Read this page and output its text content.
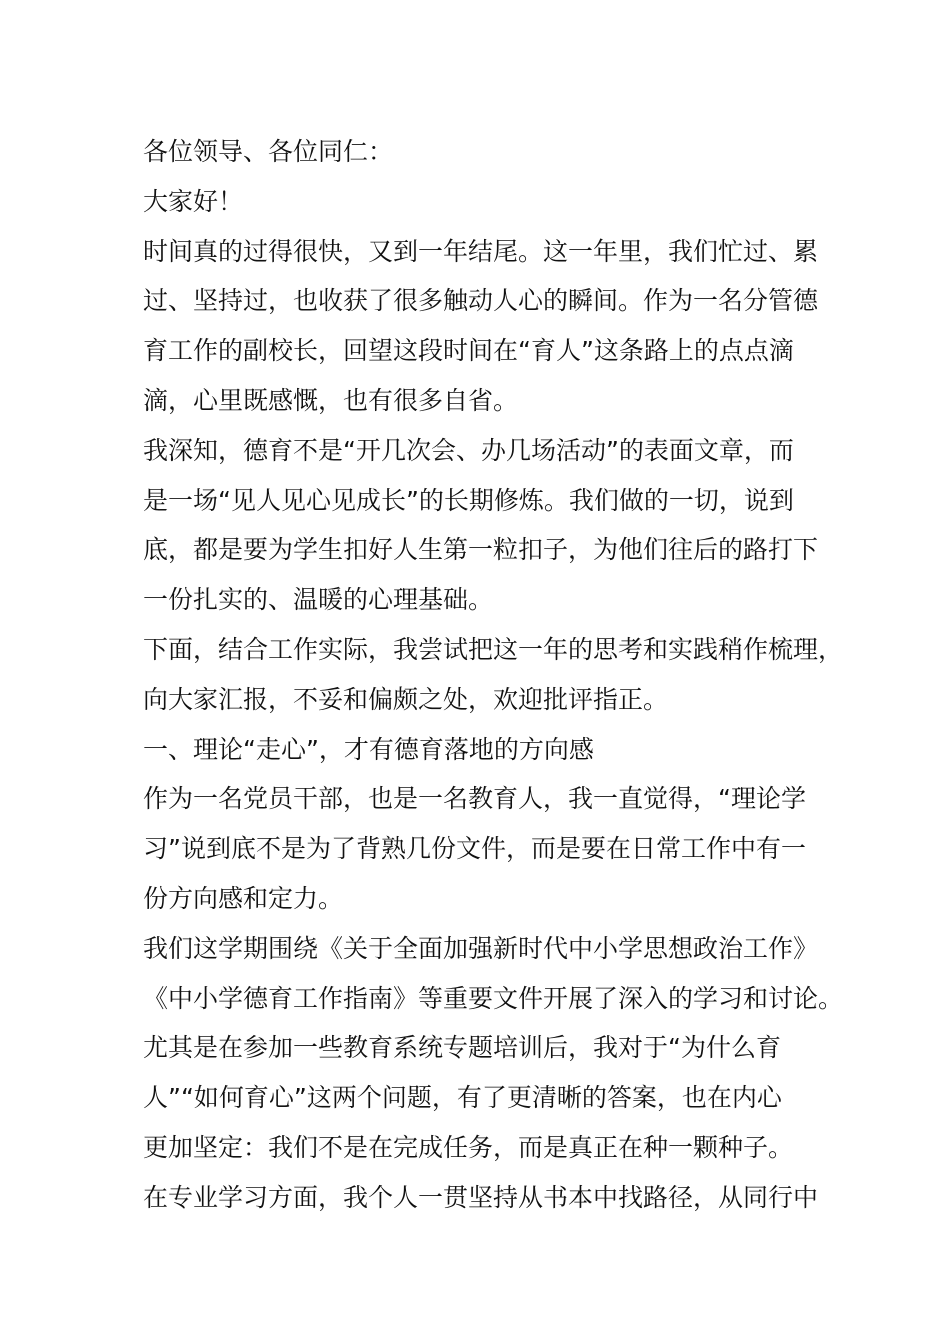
各位领导、各位同仁：
大家好！
时间真的过得很快，又到一年结尾。这一年里，我们忙过、累
过、坚持过，也收获了很多触动人心的瞬间。作为一名分管德
育工作的副校长，回望这段时间在“育人”这条路上的点点滴
滴，心里既感慨，也有很多自省。
我深知，德育不是“开几次会、办几场活动”的表面文章，而
是一场“见人见心见成长”的长期修炼。我们做的一切，说到
底，都是要为学生扣好人生第一粒扣子，为他们往后的路打下
一份扎实的、温暖的心理基础。
下面，结合工作实际，我尝试把这一年的思考和实践稍作梳理，
向大家汇报，不妥和偏颇之处，欢迎批评指正。
一、理论“走心”，才有德育落地的方向感
作为一名党员干部，也是一名教育人，我一直觉得，“理论学
习”说到底不是为了背熟几份文件，而是要在日常工作中有一
份方向感和定力。
我们这学期围绕《关于全面加强新时代中小学思想政治工作》
《中小学德育工作指南》等重要文件开展了深入的学习和讨论。
尤其是在参加一些教育系统专题培训后，我对于“为什么育
人”“如何育心”这两个问题，有了更清晰的答案，也在内心
更加坚定：我们不是在完成任务，而是真正在种一颗种子。
在专业学习方面，我个人一贯坚持从书本中找路径，从同行中
